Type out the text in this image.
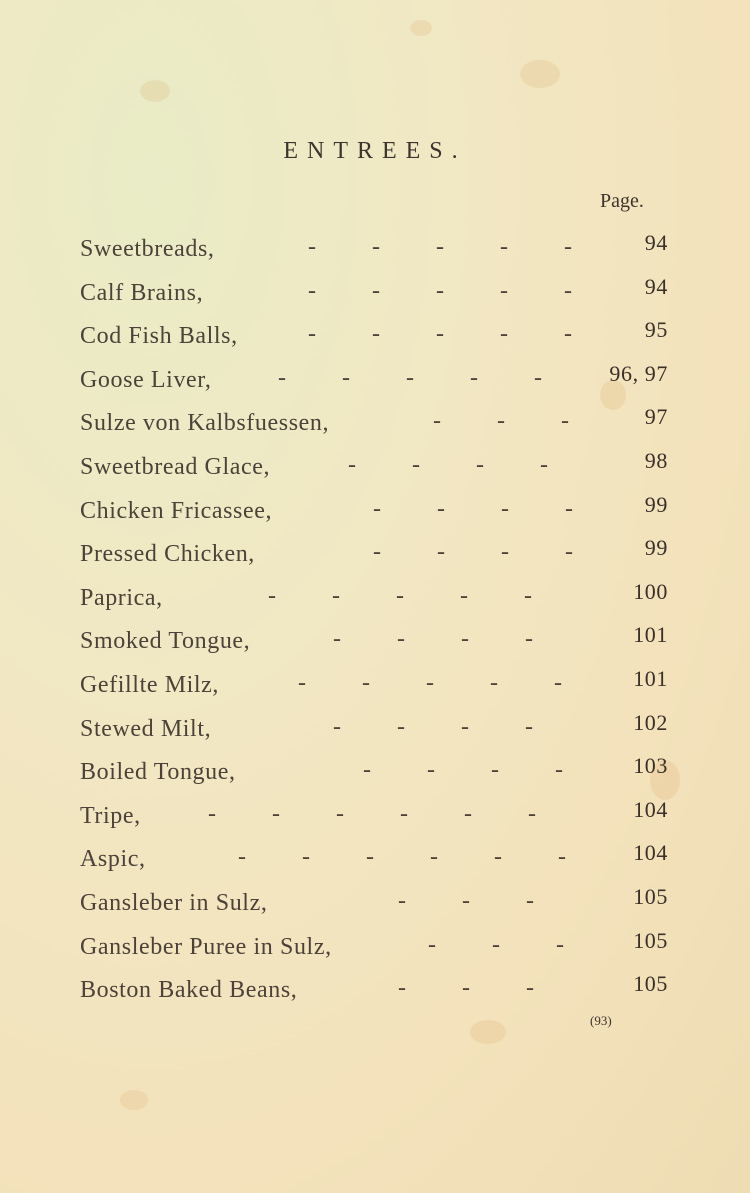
ENTREES.
Page.
Sweetbreads,	- - - - -	94
Calf Brains,	- - - - -	94
Cod Fish Balls,	- - - - -	95
Goose Liver,	- - - - -	96, 97
Sulze von Kalbsfuessen,	- - -	97
Sweetbread Glace,	- - - -	98
Chicken Fricassee,	- - - -	99
Pressed Chicken,	- - - -	99
Paprica,	- - - - -	100
Smoked Tongue,	- - - -	101
Gefillte Milz,	- - - - -	101
Stewed Milt,	- - - -	102
Boiled Tongue,	- - - -	103
Tripe,	- - - - - -	104
Aspic,	- - - - - -	104
Gansleber in Sulz,	- - -	105
Gansleber Puree in Sulz,	- - -	105
Boston Baked Beans,	- - -	105
(93)
